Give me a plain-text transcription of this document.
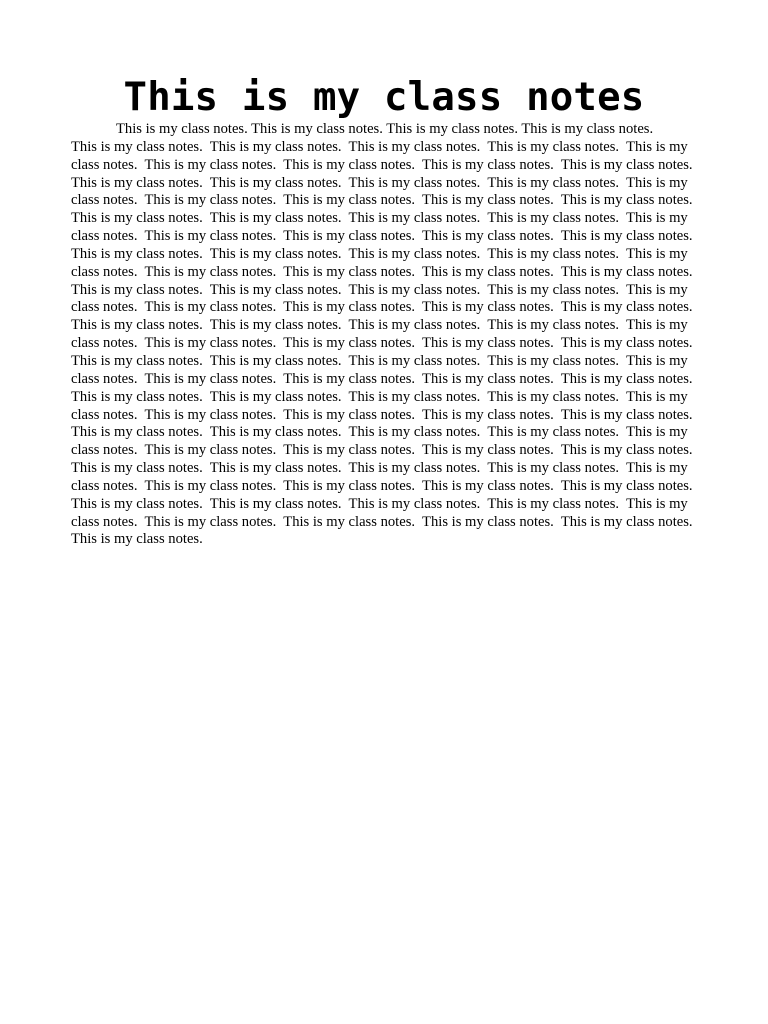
This is my class notes
This is my class notes. This is my class notes. This is my class notes. This is my class notes.
This is my class notes.  This is my class notes.  This is my class notes.  This is my class notes.  This is my class notes.  This is my class notes.  This is my class notes.  This is my class notes.  This is my class notes.  This is my class notes.  This is my class notes.  This is my class notes.  This is my class notes.  This is my class notes.  This is my class notes.  This is my class notes.  This is my class notes.  This is my class notes.  This is my class notes.  This is my class notes.  This is my class notes.  This is my class notes.  This is my class notes.  This is my class notes.  This is my class notes.  This is my class notes.  This is my class notes.  This is my class notes.  This is my class notes.  This is my class notes.  This is my class notes.  This is my class notes.  This is my class notes.  This is my class notes.  This is my class notes.  This is my class notes.  This is my class notes.  This is my class notes.  This is my class notes.  This is my class notes.  This is my class notes.  This is my class notes.  This is my class notes.  This is my class notes.  This is my class notes.  This is my class notes.  This is my class notes.  This is my class notes.  This is my class notes.  This is my class notes.  This is my class notes.  This is my class notes.  This is my class notes.  This is my class notes.  This is my class notes.  This is my class notes.  This is my class notes.  This is my class notes.  This is my class notes.  This is my class notes.  This is my class notes.  This is my class notes.  This is my class notes.  This is my class notes.  This is my class notes.  This is my class notes.  This is my class notes.  This is my class notes.  This is my class notes.  This is my class notes.  This is my class notes.  This is my class notes.  This is my class notes.  This is my class notes.  This is my class notes.  This is my class notes.  This is my class notes.  This is my class notes.  This is my class notes.  This is my class notes.  This is my class notes.  This is my class notes.  This is my class notes.  This is my class notes.  This is my class notes.  This is my class notes.  This is my class notes.  This is my class notes.  This is my class notes.  This is my class notes.  This is my class notes.  This is my class notes.  This is my class notes.  This is my class notes.  This is my class notes.  This is my class notes.  This is my class notes.  This is my class notes.  This is my class notes.  This is my class notes.
